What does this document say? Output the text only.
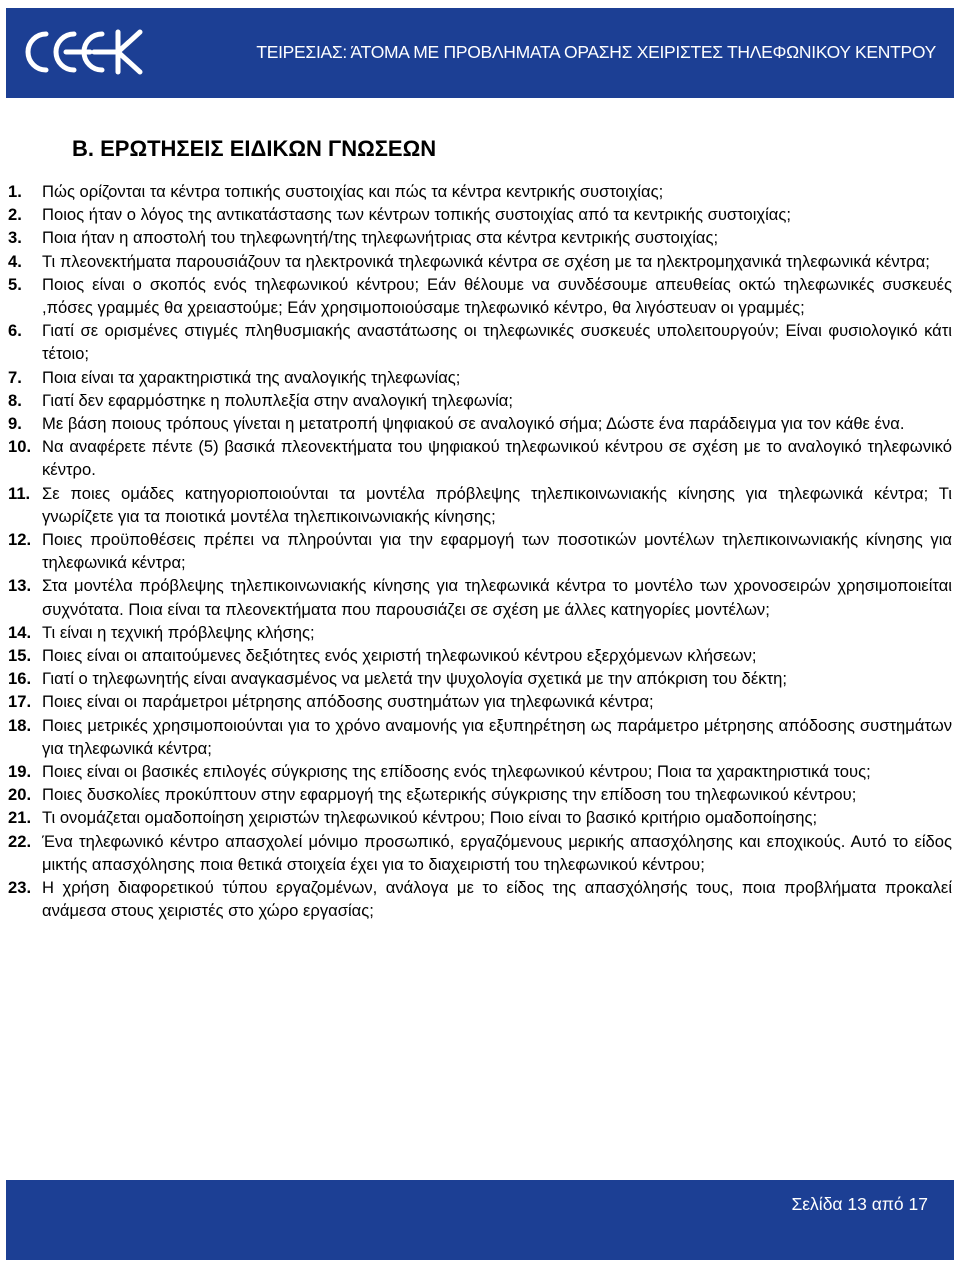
CEEK
ΤΕΙΡΕΣΙΑΣ: ΆΤΟΜΑ ΜΕ ΠΡΟΒΛΗΜΑΤΑ ΟΡΑΣΗΣ ΧΕΙΡΙΣΤΕΣ ΤΗΛΕΦΩΝΙΚΟΥ ΚΕΝΤΡΟΥ
B. ΕΡΩΤΗΣΕΙΣ ΕΙΔΙΚΩΝ ΓΝΩΣΕΩΝ
1.	Πώς ορίζονται τα κέντρα τοπικής συστοιχίας και πώς τα κέντρα κεντρικής συστοιχίας;
2.	Ποιος ήταν ο λόγος της αντικατάστασης των κέντρων τοπικής συστοιχίας από τα κεντρικής συστοιχίας;
3.	Ποια ήταν η αποστολή του τηλεφωνητή/της τηλεφωνήτριας στα κέντρα κεντρικής συστοιχίας;
4.	Τι πλεονεκτήματα παρουσιάζουν τα ηλεκτρονικά τηλεφωνικά κέντρα σε σχέση με τα ηλεκτρομηχανικά τηλεφωνικά κέντρα;
5.	Ποιος είναι ο σκοπός ενός τηλεφωνικού κέντρου; Εάν θέλουμε να συνδέσουμε απευθείας οκτώ τηλεφωνικές συσκευές ,πόσες γραμμές θα χρειαστούμε; Εάν χρησιμοποιούσαμε τηλεφωνικό κέντρο, θα λιγόστευαν οι γραμμές;
6.	Γιατί σε ορισμένες στιγμές πληθυσμιακής αναστάτωσης οι τηλεφωνικές συσκευές υπολειτουργούν; Είναι φυσιολογικό κάτι τέτοιο;
7.	Ποια είναι τα χαρακτηριστικά της αναλογικής τηλεφωνίας;
8.	Γιατί δεν εφαρμόστηκε η πολυπλεξία στην αναλογική τηλεφωνία;
9.	Με βάση ποιους τρόπους γίνεται η μετατροπή ψηφιακού σε αναλογικό σήμα; Δώστε ένα παράδειγμα για τον κάθε ένα.
10. Να αναφέρετε πέντε (5) βασικά πλεονεκτήματα του ψηφιακού τηλεφωνικού κέντρου σε σχέση με το αναλογικό τηλεφωνικό κέντρο.
11. Σε ποιες ομάδες κατηγοριοποιούνται τα μοντέλα πρόβλεψης τηλεπικοινωνιακής κίνησης για τηλεφωνικά κέντρα; Τι γνωρίζετε για τα ποιοτικά μοντέλα τηλεπικοινωνιακής κίνησης;
12. Ποιες προϋποθέσεις πρέπει να πληρούνται για την εφαρμογή των ποσοτικών μοντέλων τηλεπικοινωνιακής κίνησης για τηλεφωνικά κέντρα;
13. Στα μοντέλα πρόβλεψης τηλεπικοινωνιακής κίνησης για τηλεφωνικά κέντρα το μοντέλο των χρονοσειρών χρησιμοποιείται συχνότατα. Ποια είναι τα πλεονεκτήματα που παρουσιάζει σε σχέση με άλλες κατηγορίες μοντέλων;
14. Τι είναι η τεχνική πρόβλεψης κλήσης;
15. Ποιες είναι οι απαιτούμενες δεξιότητες ενός χειριστή τηλεφωνικού κέντρου εξερχόμενων κλήσεων;
16. Γιατί ο τηλεφωνητής είναι αναγκασμένος να μελετά την ψυχολογία σχετικά με την απόκριση του δέκτη;
17. Ποιες είναι οι παράμετροι μέτρησης απόδοσης συστημάτων για τηλεφωνικά κέντρα;
18. Ποιες μετρικές χρησιμοποιούνται για το χρόνο αναμονής για εξυπηρέτηση ως παράμετρο μέτρησης απόδοσης συστημάτων για τηλεφωνικά κέντρα;
19. Ποιες είναι οι βασικές επιλογές σύγκρισης της επίδοσης ενός τηλεφωνικού κέντρου; Ποια τα χαρακτηριστικά τους;
20. Ποιες δυσκολίες προκύπτουν στην εφαρμογή της εξωτερικής σύγκρισης την επίδοση του τηλεφωνικού κέντρου;
21. Τι ονομάζεται ομαδοποίηση χειριστών τηλεφωνικού κέντρου; Ποιο είναι το βασικό κριτήριο ομαδοποίησης;
22. Ένα τηλεφωνικό κέντρο απασχολεί μόνιμο προσωπικό, εργαζόμενους μερικής απασχόλησης και εποχικούς. Αυτό το είδος μικτής απασχόλησης ποια θετικά στοιχεία έχει για το διαχειριστή του τηλεφωνικού κέντρου;
23. Η χρήση διαφορετικού τύπου εργαζομένων, ανάλογα με το είδος της απασχόλησής τους, ποια προβλήματα προκαλεί ανάμεσα στους χειριστές στο χώρο εργασίας;
Σελίδα 13 από 17
